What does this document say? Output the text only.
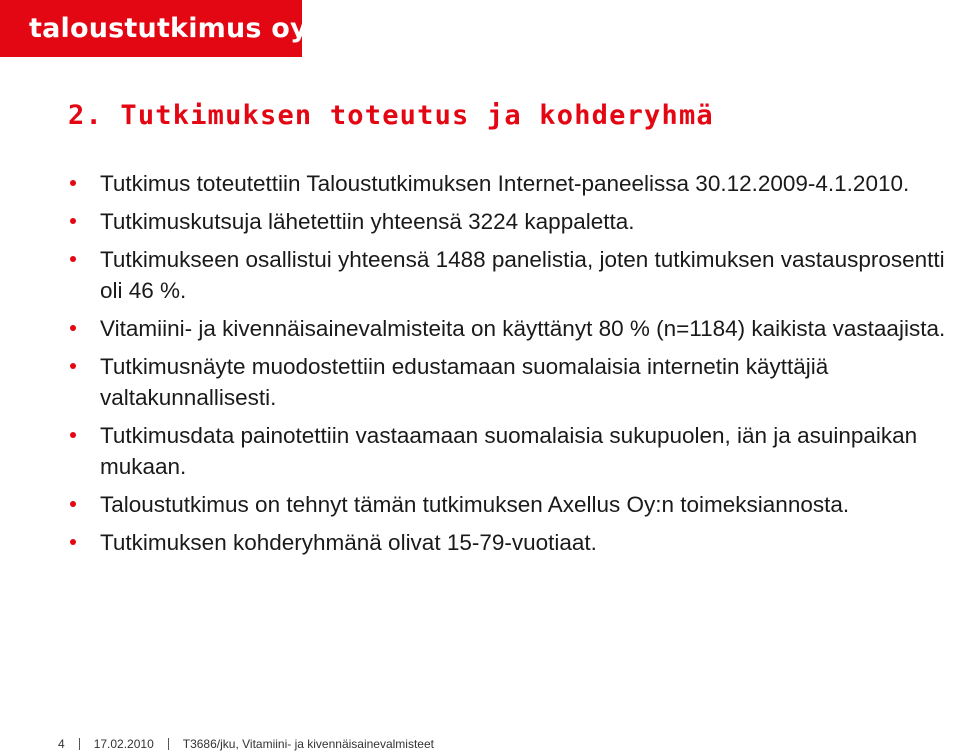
taloustutkimus oy
2. Tutkimuksen toteutus ja kohderyhmä
Tutkimus toteutettiin Taloustutkimuksen Internet-paneelissa 30.12.2009-4.1.2010.
Tutkimuskutsuja lähetettiin yhteensä 3224 kappaletta.
Tutkimukseen osallistui yhteensä 1488 panelistia, joten tutkimuksen vastausprosentti oli 46 %.
Vitamiini- ja kivennäisainevalmisteita on käyttänyt 80 % (n=1184) kaikista vastaajista.
Tutkimusnäyte muodostettiin edustamaan suomalaisia internetin käyttäjiä valtakunnallisesti.
Tutkimusdata painotettiin vastaamaan suomalaisia sukupuolen, iän ja asuinpaikan mukaan.
Taloustutkimus on tehnyt tämän tutkimuksen Axellus Oy:n toimeksiannosta.
Tutkimuksen kohderyhmänä olivat 15-79-vuotiaat.
4 17.02.2010 T3686/jku, Vitamiini- ja kivennäisainevalmisteet
